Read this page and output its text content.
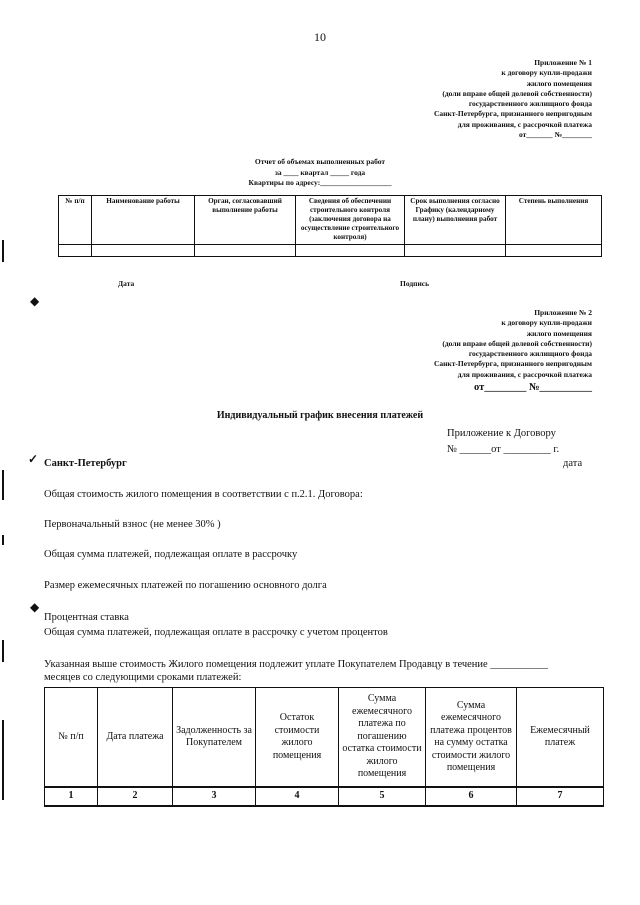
10
◆
✓
◆
Приложение № 1
к договору купли-продажи
жилого помещения
(доли вправе общей долевой собственности)
государственного жилищного фонда
Санкт-Петербурга, признанного непригодным
для проживания, с рассрочкой платежа
от_______ №________
Отчет об объемах выполненных работ
за ____ квартал _____ года
Квартиры по адресу:___________________
№ п/п	Наименование работы	Орган, согласовавший выполнение работы	Сведения об обеспечении строительного контроля (заключения договора на осуществление строительного контроля)	Срок выполнения согласно Графику (календарному плану) выполнения работ	Степень выполнения

Дата	Подпись
Приложение № 2
к договору купли-продажи
жилого помещения
(доли вправе общей долевой собственности)
государственного жилищного фонда
Санкт-Петербурга, признанного непригодным
для проживания, с рассрочкой платежа
от________ №__________
Индивидуальный график внесения платежей
Приложение к Договору
№ ______от _________ г.
Санкт-Петербург	дата
Общая стоимость жилого помещения в соответствии с п.2.1. Договора:
Первоначальный взнос (не менее 30% )
Общая сумма платежей, подлежащая оплате в рассрочку
Размер ежемесячных платежей по погашению основного долга
Процентная ставка
Общая сумма платежей, подлежащая оплате в рассрочку с учетом процентов
Указанная выше стоимость Жилого помещения подлежит уплате Покупателем Продавцу в течение ___________
месяцев со следующими сроками платежей:
№ п/п	Дата платежа	Задолженность за Покупателем	Остаток стоимости жилого помещения	Сумма ежемесячного платежа по погашению остатка стоимости жилого помещения	Сумма ежемесячного платежа процентов на сумму остатка стоимости жилого помещения	Ежемесячный платеж
1	2	3	4	5	6	7
